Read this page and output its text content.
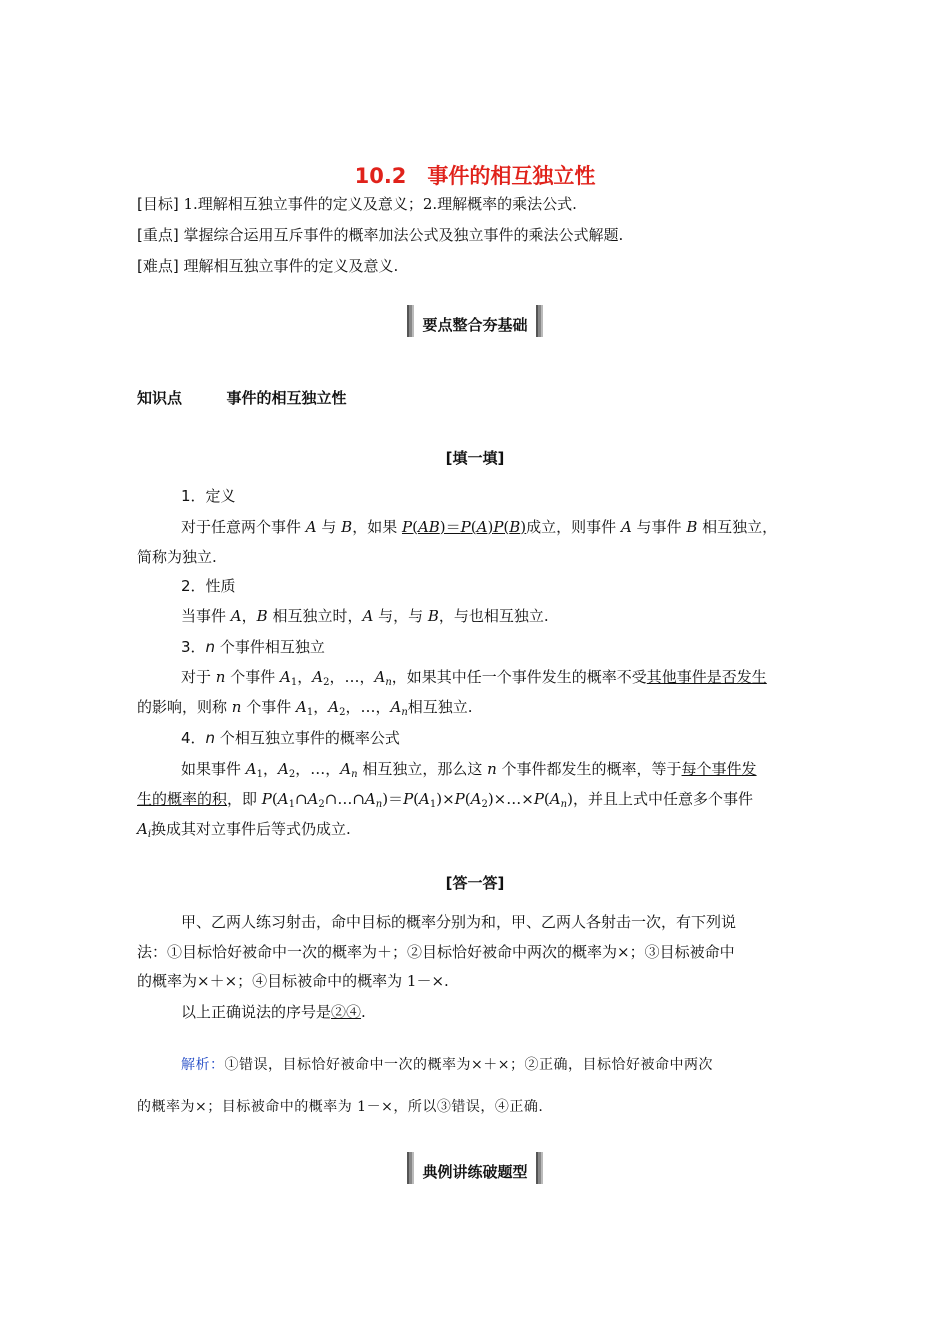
10.2　事件的相互独立性
[目标] 1.理解相互独立事件的定义及意义；2.理解概率的乘法公式.
[重点] 掌握综合运用互斥事件的概率加法公式及独立事件的乘法公式解题.
[难点] 理解相互独立事件的定义及意义.
要点整合夯基础
知识点	事件的相互独立性
[填一填]
1．定义
对于任意两个事件 A 与 B，如果 P(AB)＝P(A)P(B)成立，则事件 A 与事件 B 相互独立，
简称为独立.
2．性质
当事件 A，B 相互独立时，A 与，与 B，与也相互独立.
3．n 个事件相互独立
对于 n 个事件 $A_1$，$A_2$，…，$A_n$，如果其中任一个事件发生的概率不受其他事件是否发生
的影响，则称 n 个事件 $A_1$，$A_2$，…，$A_n$相互独立.
4．n 个相互独立事件的概率公式
如果事件 $A_1$，$A_2$，…，$A_n$ 相互独立，那么这 n 个事件都发生的概率，等于每个事件发
生的概率的积，即 $P(A_1\cap A_2\cap\dots\cap A_n)=P(A_1)\times P(A_2)\times\dots\times P(A_n)$，并且上式中任意多个事件
$A_i$换成其对立事件后等式仍成立.
[答一答]
甲、乙两人练习射击，命中目标的概率分别为和，甲、乙两人各射击一次，有下列说
法：①目标恰好被命中一次的概率为＋；②目标恰好被命中两次的概率为×；③目标被命中
的概率为×＋×；④目标被命中的概率为 1－×.
以上正确说法的序号是②④.
解析：①错误，目标恰好被命中一次的概率为×＋×；②正确，目标恰好被命中两次
的概率为×；目标被命中的概率为 1－×，所以③错误，④正确.
典例讲练破题型
